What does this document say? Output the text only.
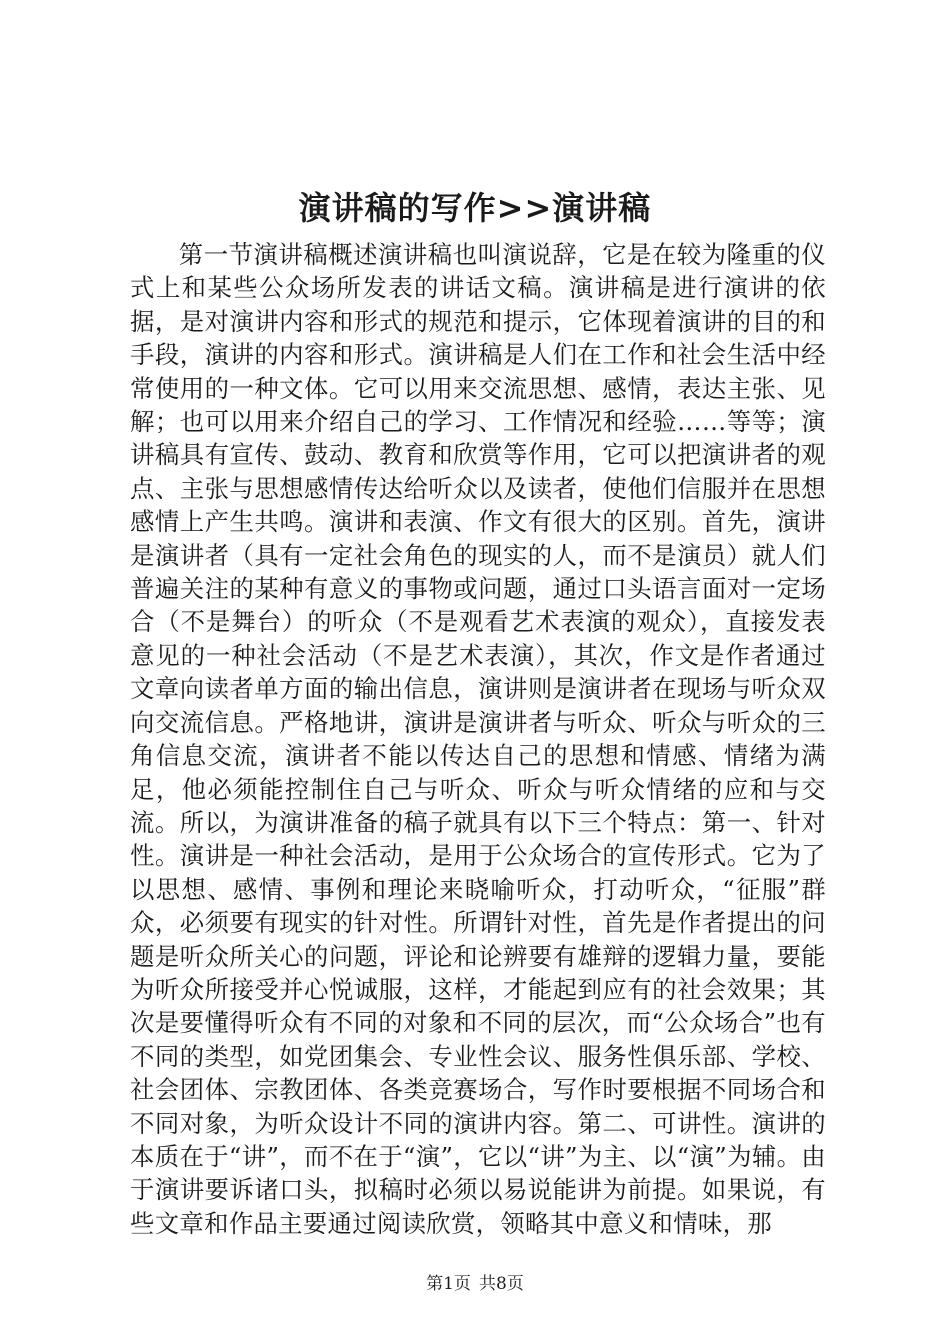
演讲稿的写作>>演讲稿

第一节演讲稿概述演讲稿也叫演说辞，它是在较为隆重的仪式上和某些公众场所发表的讲话文稿。演讲稿是进行演讲的依据，是对演讲内容和形式的规范和提示，它体现着演讲的目的和手段，演讲的内容和形式。演讲稿是人们在工作和社会生活中经常使用的一种文体。它可以用来交流思想、感情，表达主张、见解；也可以用来介绍自己的学习、工作情况和经验……等等；演讲稿具有宣传、鼓动、教育和欣赏等作用，它可以把演讲者的观点、主张与思想感情传达给听众以及读者，使他们信服并在思想感情上产生共鸣。演讲和表演、作文有很大的区别。首先，演讲是演讲者（具有一定社会角色的现实的人，而不是演员）就人们普遍关注的某种有意义的事物或问题，通过口头语言面对一定场合（不是舞台）的听众（不是观看艺术表演的观众），直接发表意见的一种社会活动（不是艺术表演），其次，作文是作者通过文章向读者单方面的输出信息，演讲则是演讲者在现场与听众双向交流信息。严格地讲，演讲是演讲者与听众、听众与听众的三角信息交流，演讲者不能以传达自己的思想和情感、情绪为满足，他必须能控制住自己与听众、听众与听众情绪的应和与交流。所以，为演讲准备的稿子就具有以下三个特点：第一、针对性。演讲是一种社会活动，是用于公众场合的宣传形式。它为了以思想、感情、事例和理论来晓喻听众，打动听众，“征服”群众，必须要有现实的针对性。所谓针对性，首先是作者提出的问题是听众所关心的问题，评论和论辨要有雄辩的逻辑力量，要能为听众所接受并心悦诚服，这样，才能起到应有的社会效果；其次是要懂得听众有不同的对象和不同的层次，而“公众场合”也有不同的类型，如党团集会、专业性会议、服务性俱乐部、学校、社会团体、宗教团体、各类竞赛场合，写作时要根据不同场合和不同对象，为听众设计不同的演讲内容。第二、可讲性。演讲的本质在于“讲”，而不在于“演”，它以“讲”为主、以“演”为辅。由于演讲要诉诸口头，拟稿时必须以易说能讲为前提。如果说，有些文章和作品主要通过阅读欣赏，领略其中意义和情味，那

第1页 共8页
